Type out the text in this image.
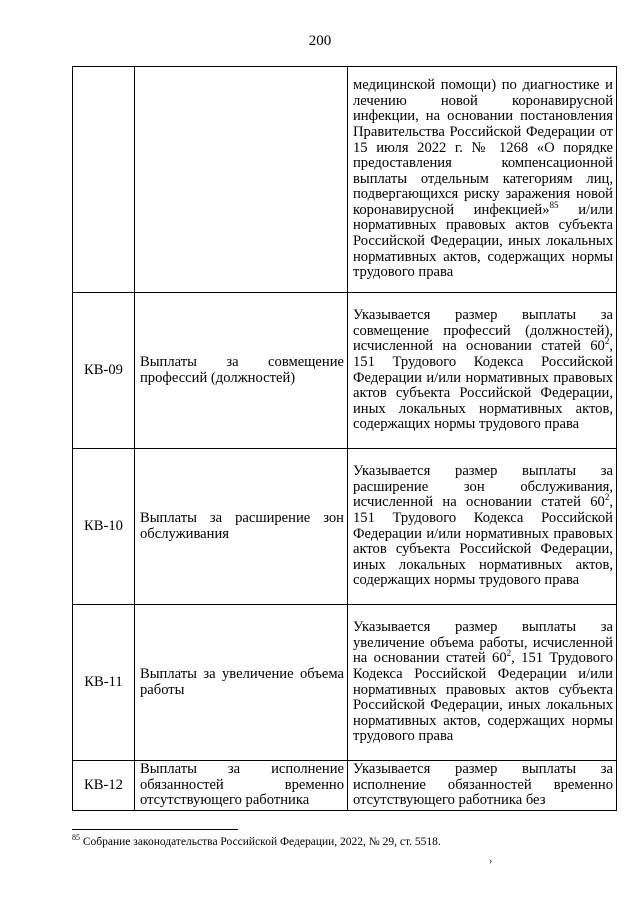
200
		медицинской помощи) по диагностике и лечению новой коронавирусной инфекции, на основании постановления Правительства Российской Федерации от 15 июля 2022 г. № 1268 «О порядке предоставления компенсационной выплаты отдельным категориям лиц, подвергающихся риску заражения новой коронавирусной инфекцией»$^{85}$ и/или нормативных правовых актов субъекта Российской Федерации, иных локальных нормативных актов, содержащих нормы трудового права
КВ-09	Выплаты за совмещение профессий (должностей)	Указывается размер выплаты за совмещение профессий (должностей), исчисленной на основании статей $60^2$, 151 Трудового Кодекса Российской Федерации и/или нормативных правовых актов субъекта Российской Федерации, иных локальных нормативных актов, содержащих нормы трудового права
КВ-10	Выплаты за расширение зон обслуживания	Указывается размер выплаты за расширение зон обслуживания, исчисленной на основании статей $60^2$, 151 Трудового Кодекса Российской Федерации и/или нормативных правовых актов субъекта Российской Федерации, иных локальных нормативных актов, содержащих нормы трудового права
КВ-11	Выплаты за увеличение объема работы	Указывается размер выплаты за увеличение объема работы, исчисленной на основании статей $60^2$, 151 Трудового Кодекса Российской Федерации и/или нормативных правовых актов субъекта Российской Федерации, иных локальных нормативных актов, содержащих нормы трудового права
КВ-12	Выплаты за исполнение обязанностей временно отсутствующего работника	Указывается размер выплаты за исполнение обязанностей временно отсутствующего работника без
$^{85}$ Собрание законодательства Российской Федерации, 2022, № 29, ст. 5518.
›
